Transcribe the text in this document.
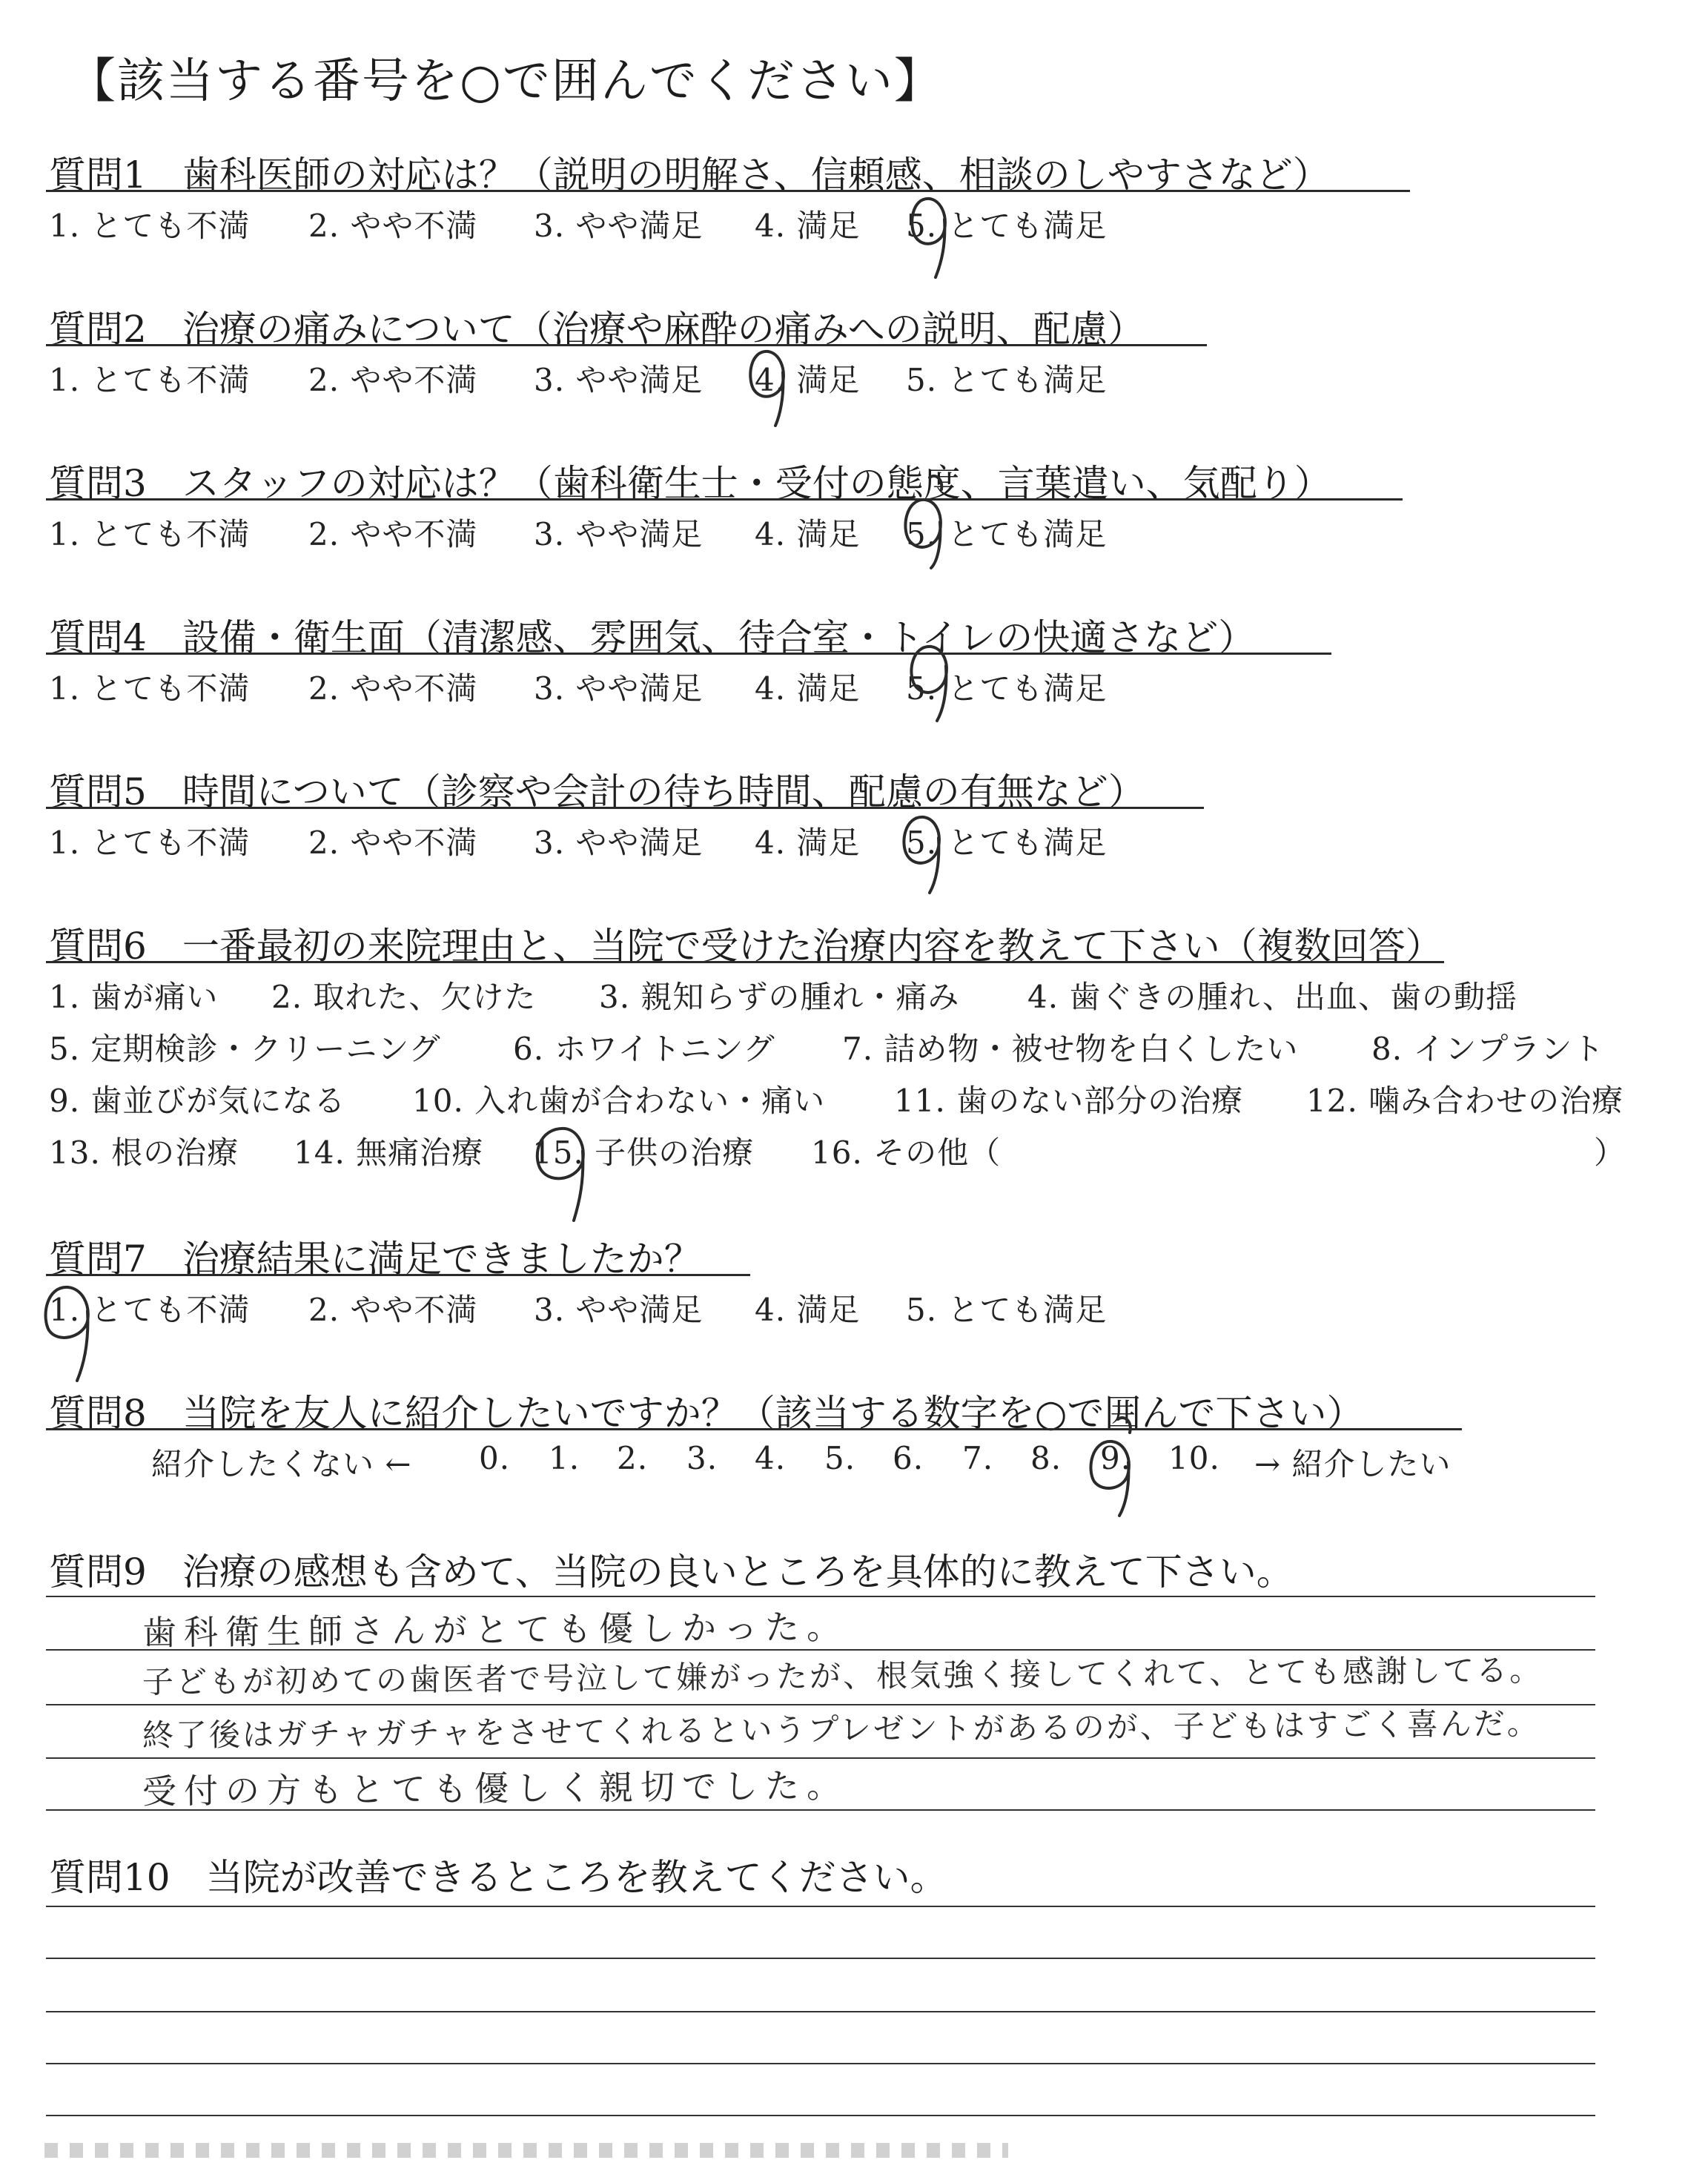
【該当する番号を○で囲んでください】
質問1 歯科医師の対応は？（説明の明解さ、信頼感、相談のしやすさなど）
1. とても不満 2. やや不満 3. やや満足 4. 満足 5. とても満足
質問2 治療の痛みについて（治療や麻酔の痛みへの説明、配慮）
1. とても不満 2. やや不満 3. やや満足 4. 満足 5. とても満足
質問3 スタッフの対応は？（歯科衛生士・受付の態度、言葉遣い、気配り）
1. とても不満 2. やや不満 3. やや満足 4. 満足 5. とても満足
質問4 設備・衛生面（清潔感、雰囲気、待合室・トイレの快適さなど）
1. とても不満 2. やや不満 3. やや満足 4. 満足 5. とても満足
質問5 時間について（診察や会計の待ち時間、配慮の有無など）
1. とても不満 2. やや不満 3. やや満足 4. 満足 5. とても満足
質問6 一番最初の来院理由と、当院で受けた治療内容を教えて下さい（複数回答）
1. 歯が痛い 2. 取れた、欠けた 3. 親知らずの腫れ・痛み 4. 歯ぐきの腫れ、出血、歯の動揺
5. 定期検診・クリーニング 6. ホワイトニング 7. 詰め物・被せ物を白くしたい 8. インプラント
9. 歯並びが気になる 10. 入れ歯が合わない・痛い 11. 歯のない部分の治療 12. 噛み合わせの治療
13. 根の治療 14. 無痛治療 15. 子供の治療 16. その他（	）
質問7 治療結果に満足できましたか？
1. とても不満 2. やや不満 3. やや満足 4. 満足 5. とても満足
質問8 当院を友人に紹介したいですか？（該当する数字を○で囲んで下さい）
紹介したくない ← 0. 1. 2. 3. 4. 5. 6. 7. 8. 9. 10. → 紹介したい
質問9 治療の感想も含めて、当院の良いところを具体的に教えて下さい。
歯科衛生師さんがとても優しかった。
子どもが初めての歯医者で号泣して嫌がったが、根気強く接してくれて、とても感謝してる。
終了後はガチャガチャをさせてくれるというプレゼントがあるのが、子どもはすごく喜んだ。
受付の方もとても優しく親切でした。
質問10 当院が改善できるところを教えてください。
